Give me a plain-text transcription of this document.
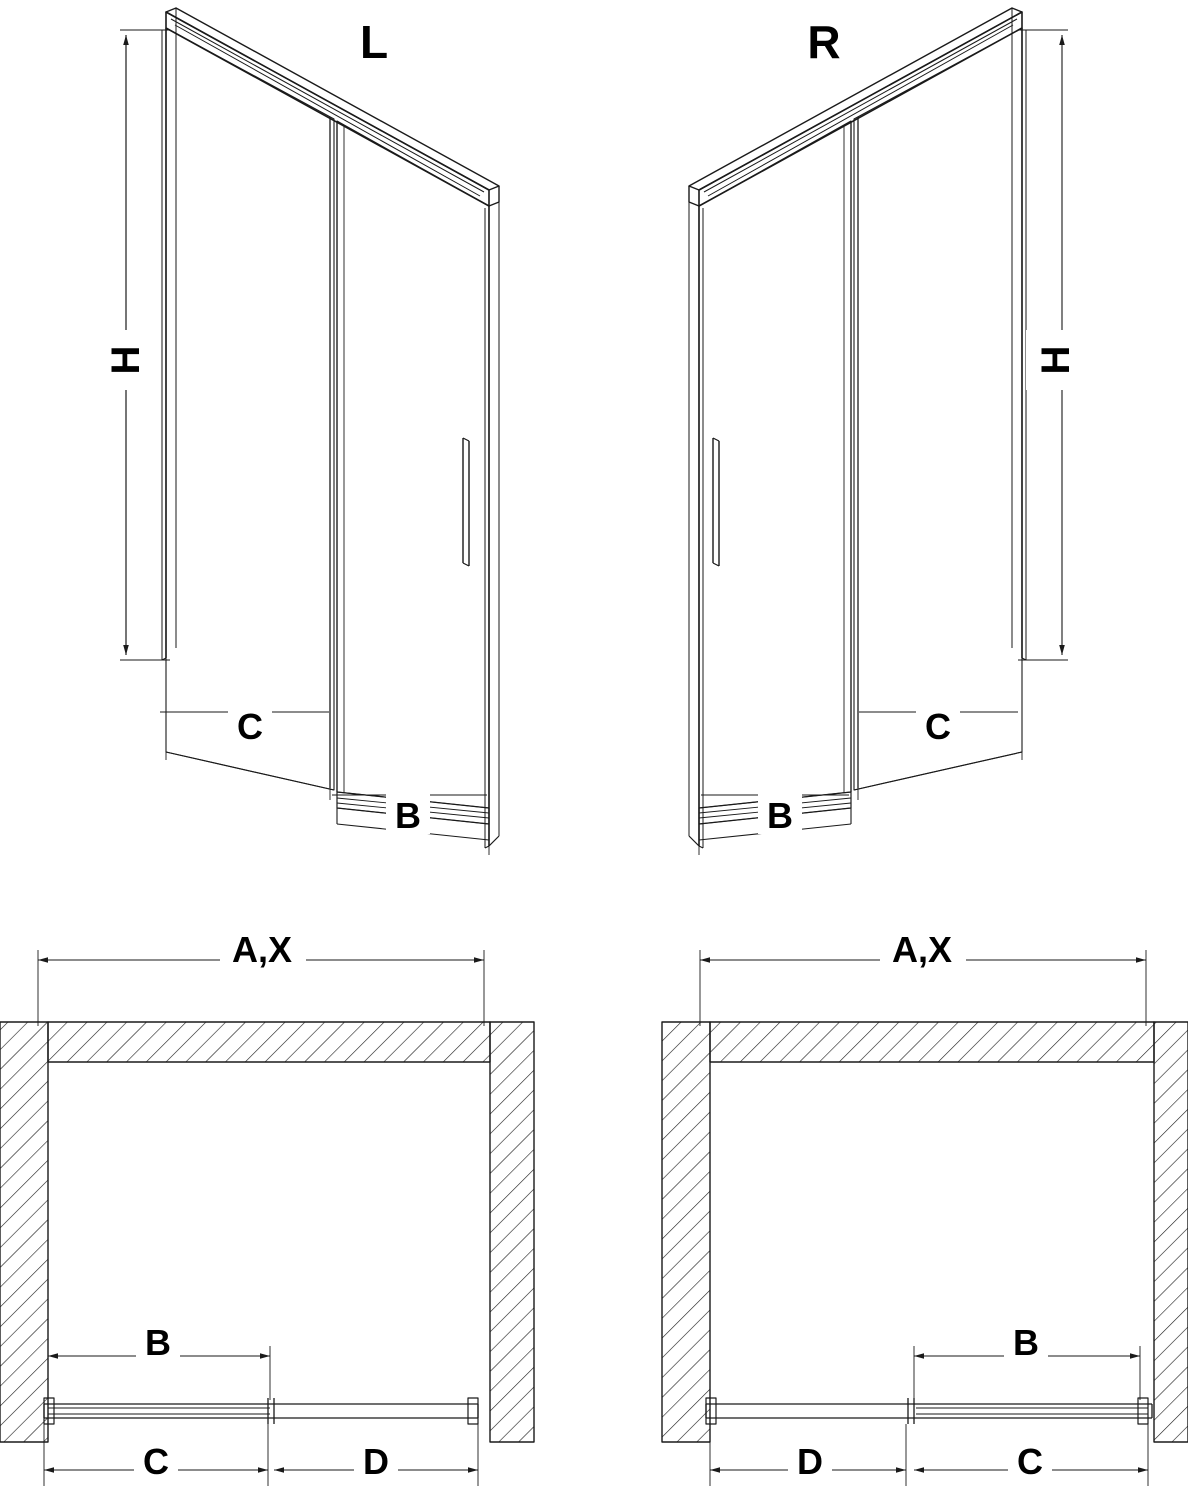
L	R
H
C
B
H
C
B
A,X
B
C	D
A,X
B
C
D
